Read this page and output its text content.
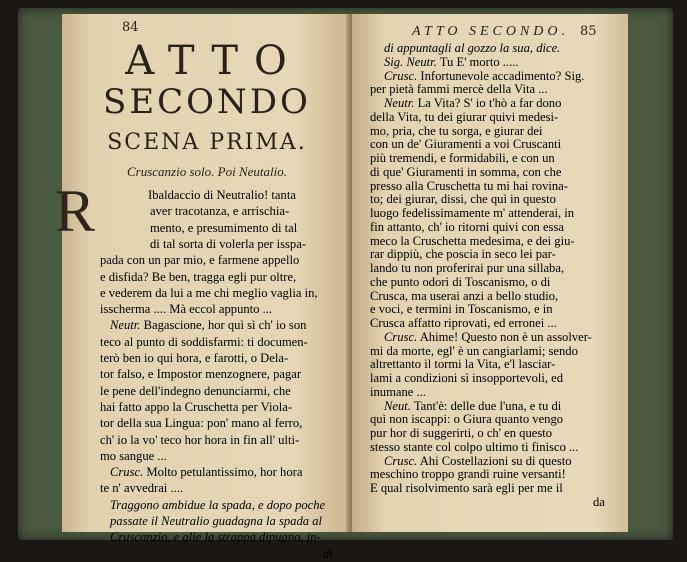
84
ATTO
SECONDO
SCENA PRIMA.
Cruscanzio solo. Poi Neutalio.
ATTO SECONDO. 85
R	Ibaldaccio di Neutralio! tanta
aver tracotanza, e arrischia-
mento, e presumimento di tal
di tal sorta di volerla per isspa-
pada con un par mio, e farmene appello
e disfida? Be ben, tragga egli pur oltre,
e vederem da lui a me chi meglio vaglia in,
isscherma .... Mà eccol appunto ...
Neutr. Bagascione, hor quì sì ch' io son
teco al punto di soddisfarmi: ti documen-
terò ben io qui hora, e farotti, o Dela-
tor falso, e Impostor menzognere, pagar
le pene dell'indegno denunciarmi, che
hai fatto appo la Cruschetta per Viola-
tor della sua Lingua: pon' mano al ferro,
ch' io la vo' teco hor hora in fin all' ulti-
mo sangue ...
Crusc. Molto petulantissimo, hor hora
te n' avvedrai ....
Traggono ambidue la spada, e dopo poche
passate il Neutralio guadagna la spada al
Cruscanzio, e glie la strappa dipugno, in-
di
di appuntagli al gozzo la sua, dice.
Sig. Neutr. Tu E' morto .....
Crusc. Infortunevole accadimento? Sig.
per pietà fammi mercè della Vita ...
Neutr. La Vita? S' io t'hò a far dono
della Vita, tu dei giurar quivi medesi-
mo, pria, che tu sorga, e giurar dei
con un de' Giuramenti a voi Cruscanti
più tremendi, e formidabili, e con un
di que' Giuramenti in somma, con che
presso alla Cruschetta tu mi hai rovina-
to; dei giurar, dissi, che quì in questo
luogo fedelissimamente m' attenderai, in
fin attanto, ch' io ritorni quivi con essa
meco la Cruschetta medesima, e dei giu-
rar dippiù, che poscia in seco lei par-
lando tu non proferirai pur una sillaba,
che punto odori di Toscanismo, o di
Crusca, ma userai anzi a bello studio,
e voci, e termini in Toscanismo, e in
Crusca affatto riprovati, ed erronei ...
Crusc. Ahime! Questo non è un assolver-
mi da morte, egl' è un cangiarlami; sendo
altrettanto il tormi la Vita, e'l lasciar-
lami a condizioni sì insopportevoli, ed
inumane ...
Neut. Tant'è: delle due l'una, e tu di
quì non iscappi: o Giura quanto vengo
pur hor di suggerirti, o ch' en questo
stesso stante col colpo ultimo ti finisco ...
Crusc. Ahi Costellazioni su di questo
meschino troppo grandi ruine versanti!
E qual risolvimento sarà egli per me il
da
